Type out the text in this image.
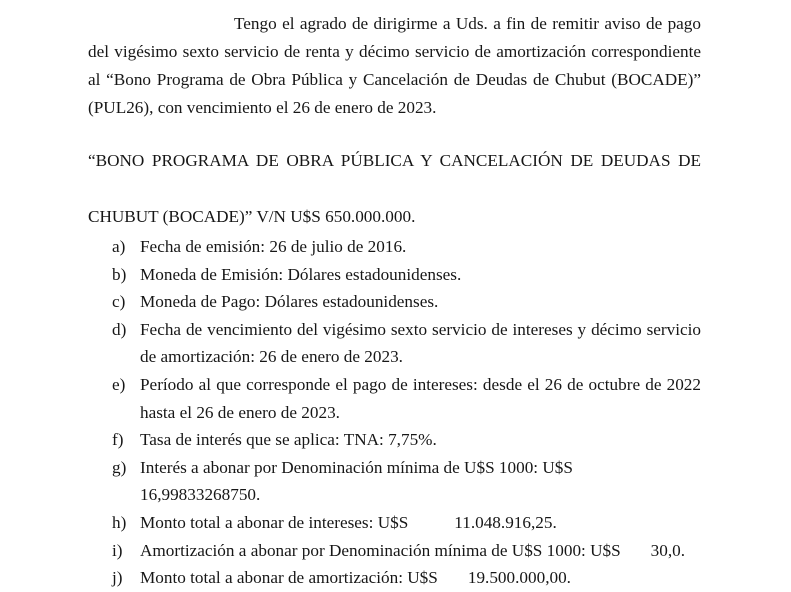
Tengo el agrado de dirigirme a Uds. a fin de remitir aviso de pago del vigésimo sexto servicio de renta y décimo servicio de amortización correspondiente al “Bono Programa de Obra Pública y Cancelación de Deudas de Chubut (BOCADE)” (PUL26), con vencimiento el 26 de enero de 2023.

“BONO PROGRAMA DE OBRA PÚBLICA Y CANCELACIÓN DE DEUDAS DE
CHUBUT (BOCADE)” V/N U$S 650.000.000.
a) Fecha de emisión: 26 de julio de 2016.
b) Moneda de Emisión: Dólares estadounidenses.
c) Moneda de Pago: Dólares estadounidenses.
d) Fecha de vencimiento del vigésimo sexto servicio de intereses y décimo servicio de amortización: 26 de enero de 2023.
e) Período al que corresponde el pago de intereses: desde el 26 de octubre de 2022 hasta el 26 de enero de 2023.
f) Tasa de interés que se aplica: TNA: 7,75%.
g) Interés a abonar por Denominación mínima de U$S 1000: U$S16,99833268750.
h) Monto total a abonar de intereses: U$S	11.048.916,25.
i)	Amortización a abonar por Denominación mínima de U$S 1000: U$S 30,0.
j)	Monto total a abonar de amortización: U$S 19.500.000,00.
